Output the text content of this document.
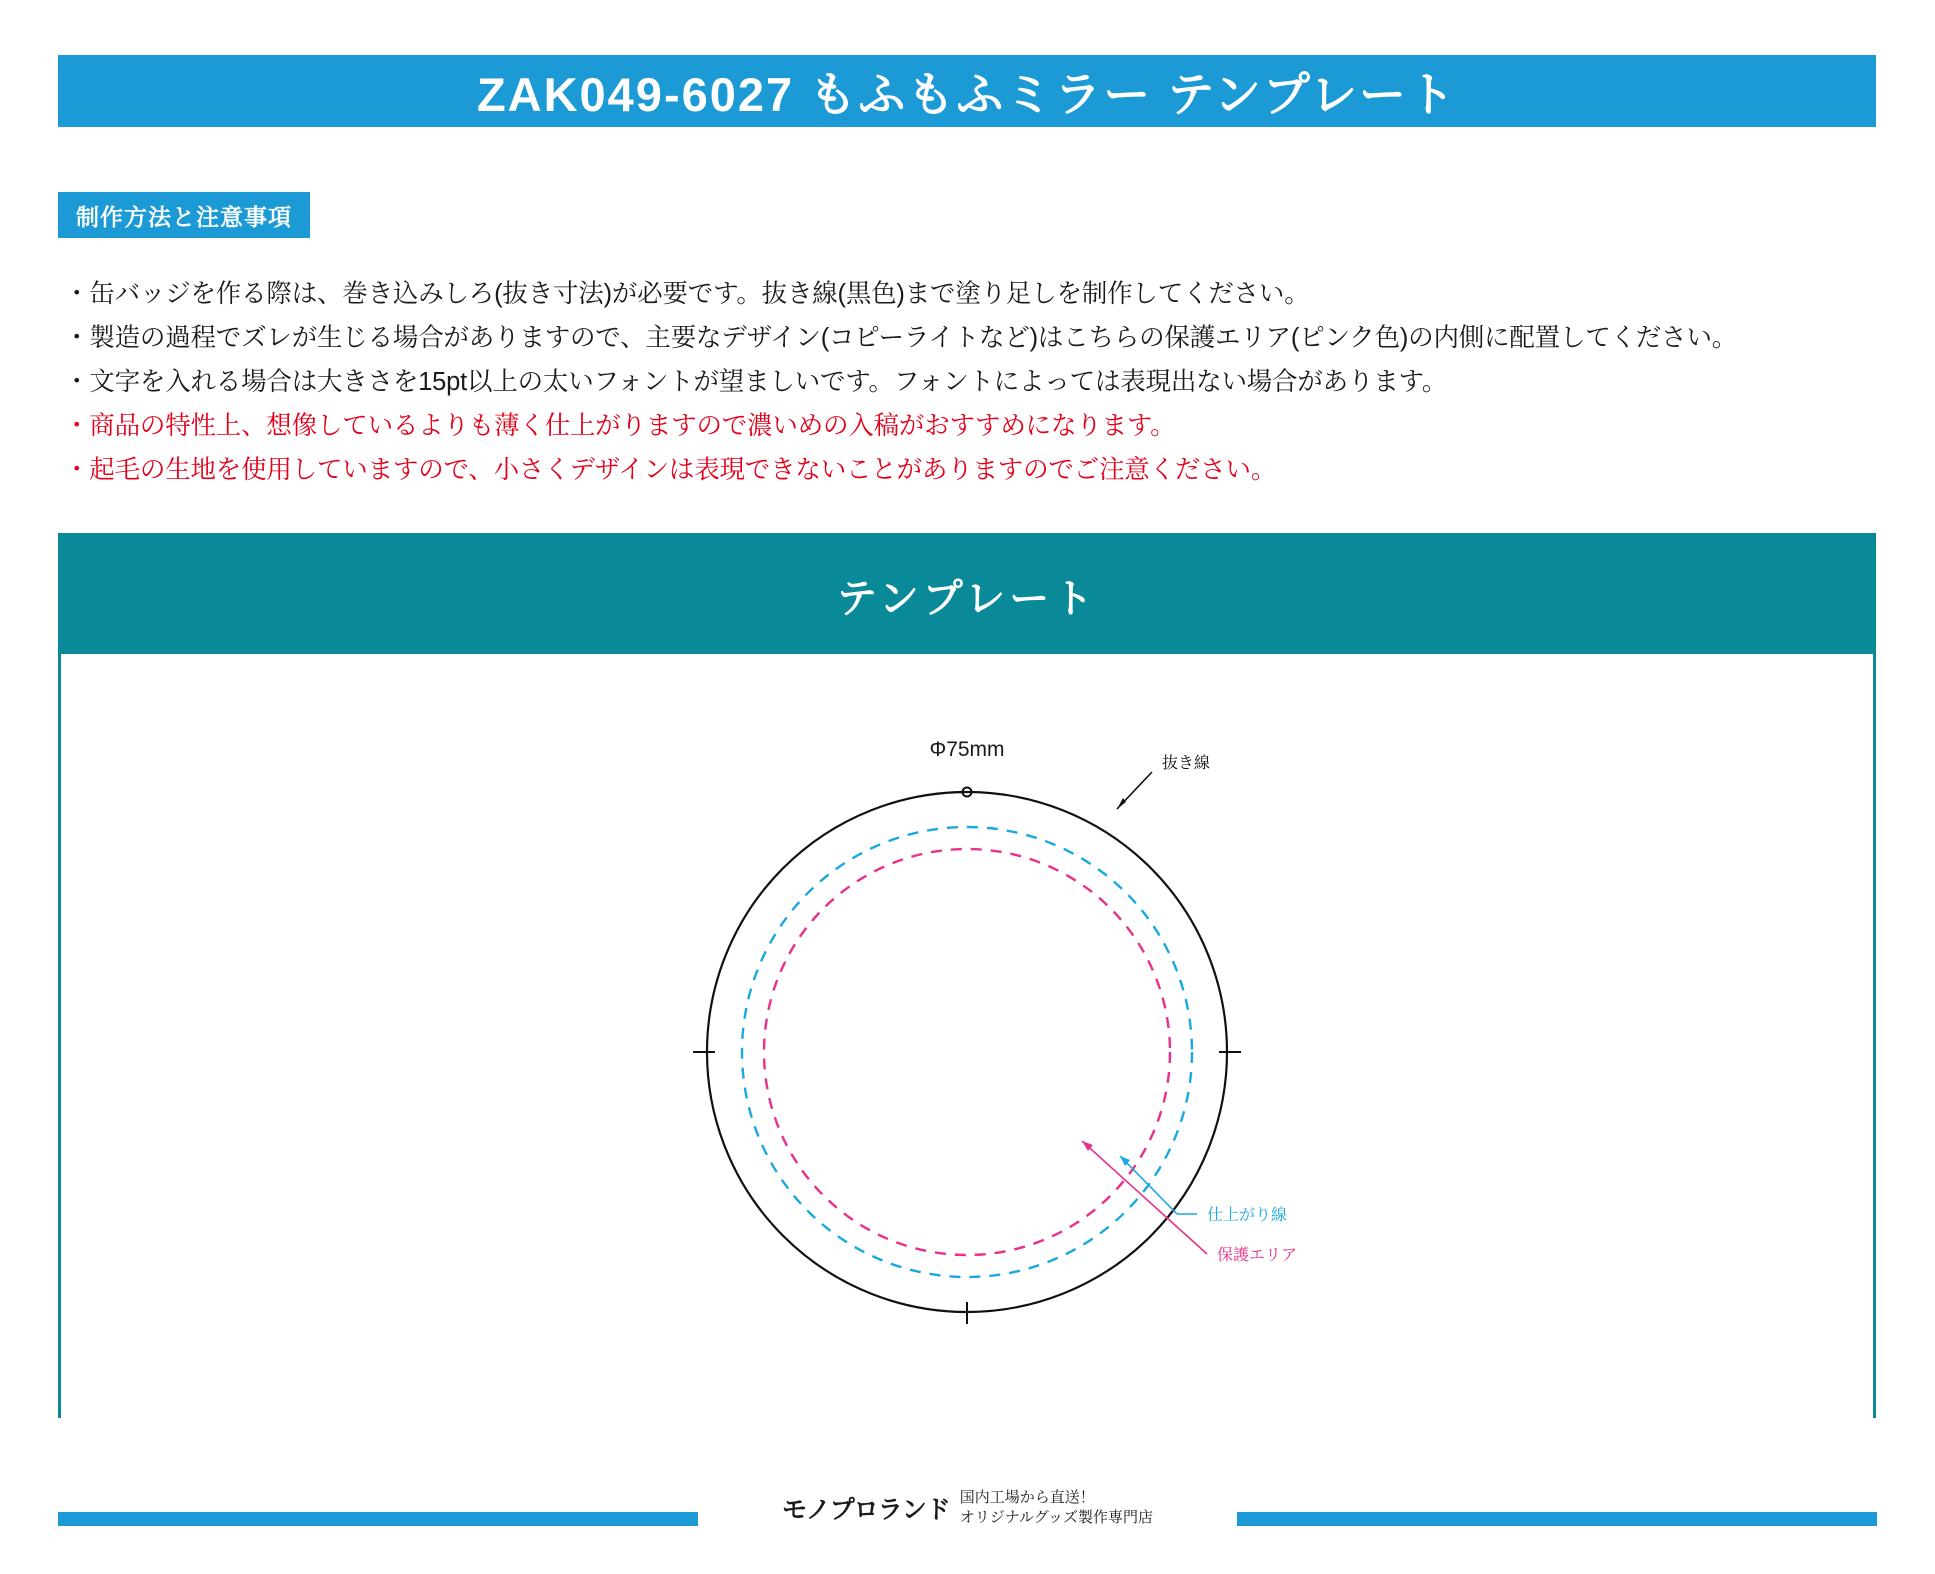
ZAK049-6027 もふもふミラー テンプレート
制作方法と注意事項
・缶バッジを作る際は、巻き込みしろ(抜き寸法)が必要です。抜き線(黒色)まで塗り足しを制作してください。
・製造の過程でズレが生じる場合がありますので、主要なデザイン(コピーライトなど)はこちらの保護エリア(ピンク色)の内側に配置してください。
・文字を入れる場合は大きさを15pt以上の太いフォントが望ましいです。フォントによっては表現出ない場合があります。
・商品の特性上、想像しているよりも薄く仕上がりますので濃いめの入稿がおすすめになります。
・起毛の生地を使用していますので、小さくデザインは表現できないことがありますのでご注意ください。
テンプレート
抜き線
仕上がり線
保護エリア
Φ75mm
モノプロランド 国内工場から直送！
オリジナルグッズ製作専門店
